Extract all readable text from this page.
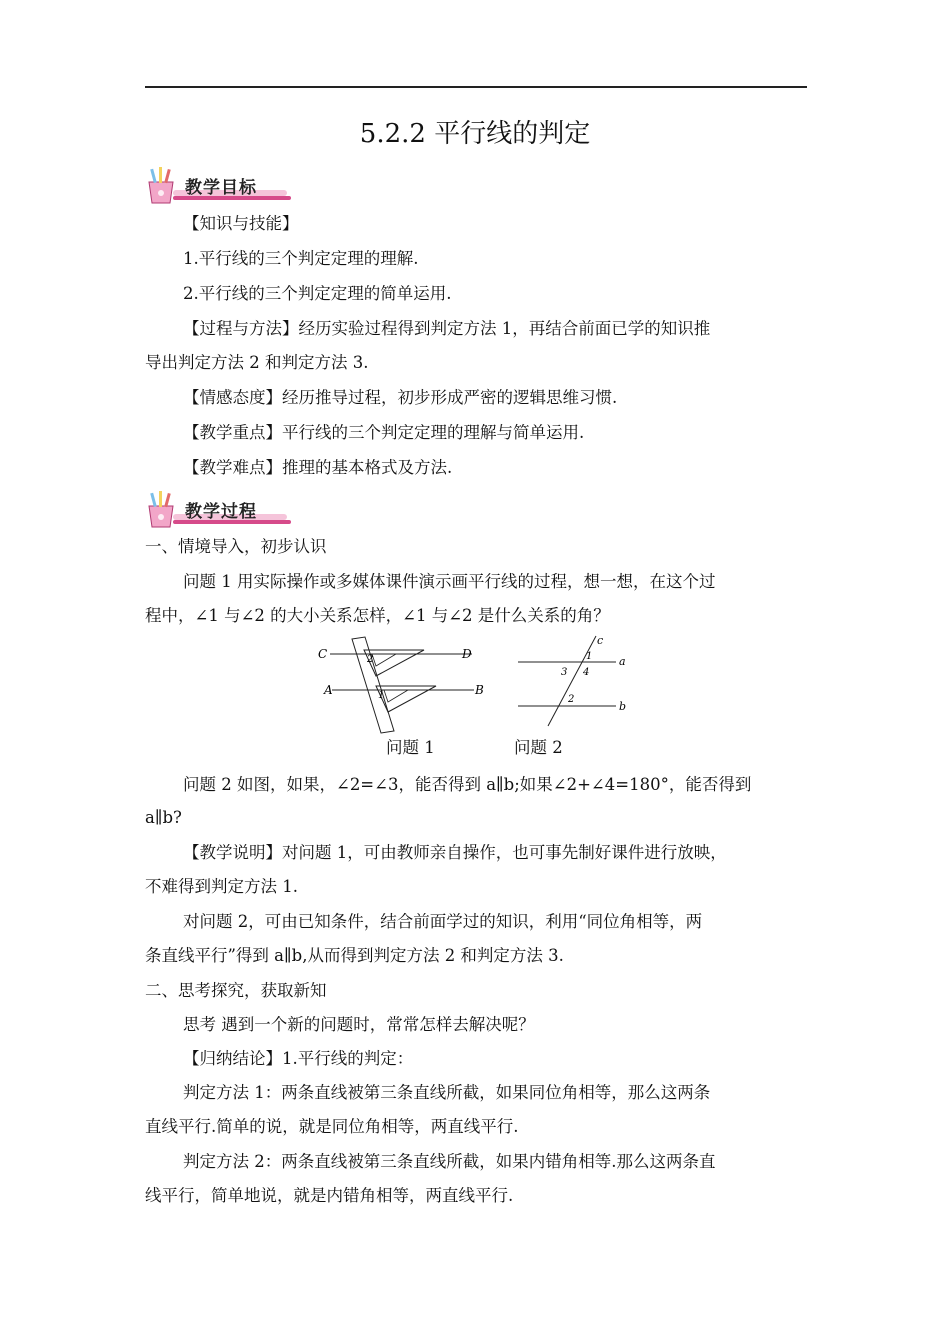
5.2.2 平行线的判定
教学目标
【知识与技能】
1.平行线的三个判定定理的理解.
2.平行线的三个判定定理的简单运用.
【过程与方法】经历实验过程得到判定方法 1，再结合前面已学的知识推
导出判定方法 2 和判定方法 3.
【情感态度】经历推导过程，初步形成严密的逻辑思维习惯.
【教学重点】平行线的三个判定定理的理解与简单运用.
【教学难点】推理的基本格式及方法.
教学过程
一、情境导入，初步认识
问题 1 用实际操作或多媒体课件演示画平行线的过程，想一想，在这个过
程中，∠1 与∠2 的大小关系怎样，∠1 与∠2 是什么关系的角？
C	D
A	B
2
1
c
a
b
1
3 4
2
问题 1	问题 2
问题 2 如图，如果，∠2=∠3，能否得到 a∥b;如果∠2+∠4=180°，能否得到
a∥b?
【教学说明】对问题 1，可由教师亲自操作，也可事先制好课件进行放映，
不难得到判定方法 1.
对问题 2，可由已知条件，结合前面学过的知识，利用“同位角相等，两
条直线平行”得到 a∥b,从而得到判定方法 2 和判定方法 3.
二、思考探究，获取新知
思考 遇到一个新的问题时，常常怎样去解决呢？
【归纳结论】1.平行线的判定：
判定方法 1：两条直线被第三条直线所截，如果同位角相等，那么这两条
直线平行.简单的说，就是同位角相等，两直线平行.
判定方法 2：两条直线被第三条直线所截，如果内错角相等.那么这两条直
线平行，简单地说，就是内错角相等，两直线平行.
